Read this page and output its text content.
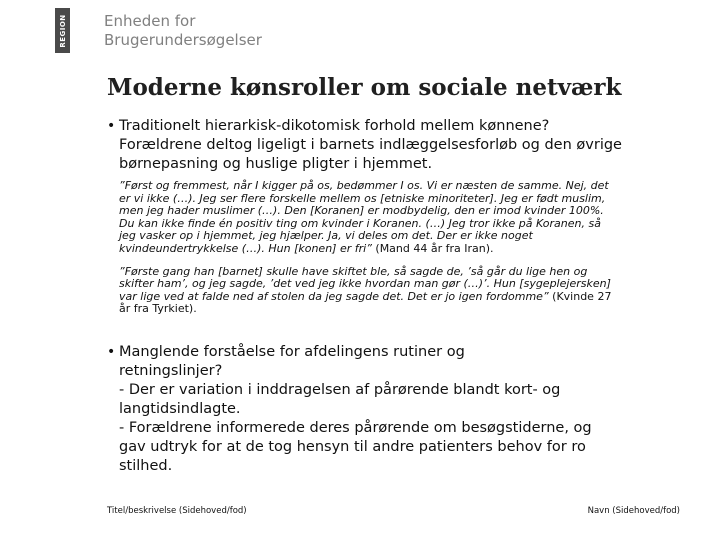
REGION	Enheden for
Brugerundersøgelser
Moderne kønsroller om sociale netværk
• Traditionelt hierarkisk-dikotomisk forhold mellem kønnene?
Forældrene deltog ligeligt i barnets indlæggelsesforløb og den øvrige
børnepasning og huslige pligter i hjemmet.
”Først og fremmest, når I kigger på os, bedømmer I os. Vi er næsten de samme. Nej, det
er vi ikke (…). Jeg ser flere forskelle mellem os [etniske minoriteter]. Jeg er født muslim,
men jeg hader muslimer (…). Den [Koranen] er modbydelig, den er imod kvinder 100%.
Du kan ikke finde én positiv ting om kvinder i Koranen. (…) Jeg tror ikke på Koranen, så
jeg vasker op i hjemmet, jeg hjælper. Ja, vi deles om det. Der er ikke noget
kvindeundertrykkelse (…). Hun [konen] er fri” (Mand 44 år fra Iran).
”Første gang han [barnet] skulle have skiftet ble, så sagde de, ’så går du lige hen og
skifter ham’, og jeg sagde, ’det ved jeg ikke hvordan man gør (…)’. Hun [sygeplejersken]
var lige ved at falde ned af stolen da jeg sagde det. Det er jo igen fordomme” (Kvinde 27
år fra Tyrkiet).
• Manglende forståelse for afdelingens rutiner og
retningslinjer?
- Der er variation i inddragelsen af pårørende blandt kort- og
langtidsindlagte.
- Forældrene informerede deres pårørende om besøgstiderne, og
gav udtryk for at de tog hensyn til andre patienters behov for ro
stilhed.
Titel/beskrivelse (Sidehoved/fod)	Navn (Sidehoved/fod)
